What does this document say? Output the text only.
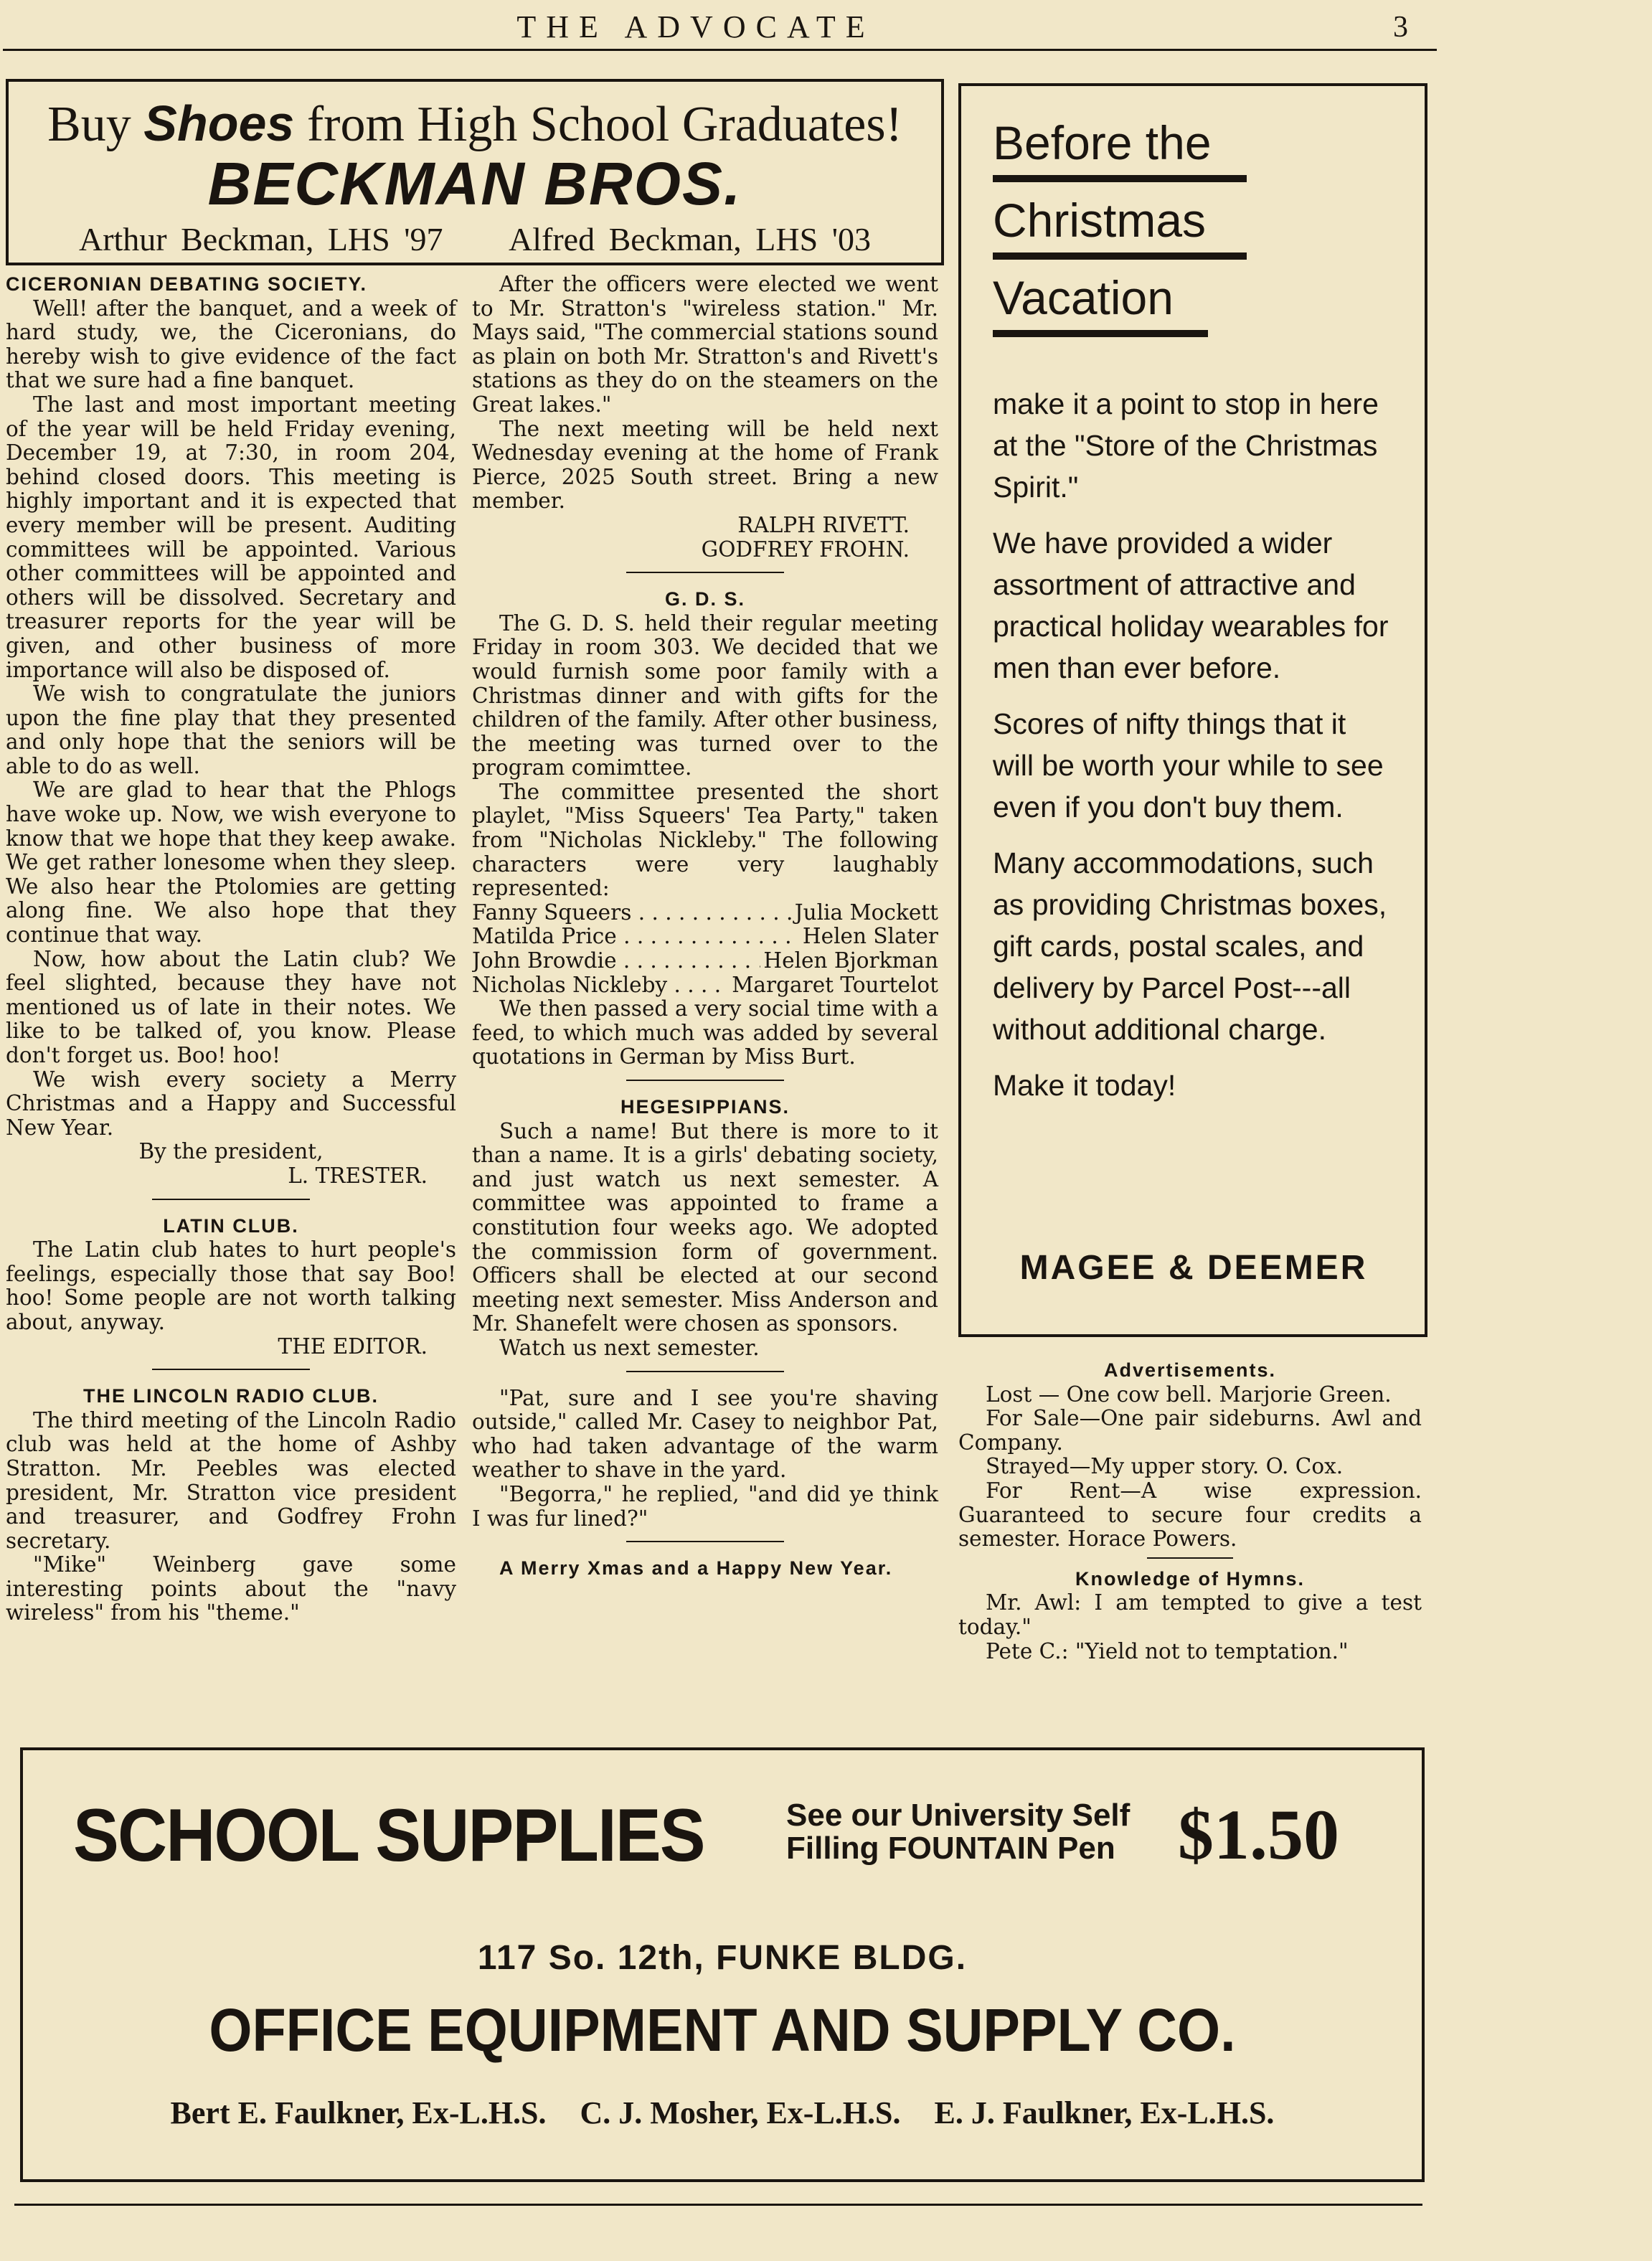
THE ADVOCATE	3
Buy Shoes from High School Graduates!
BECKMAN BROS.
Arthur Beckman, LHS '97 Alfred Beckman, LHS '03

CICERONIAN DEBATING SOCIETY.

Well! after the banquet, and a week of hard study, we, the Ciceronians, do hereby wish to give evidence of the fact that we sure had a fine banquet.

The last and most important meeting of the year will be held Friday evening, December 19, at 7:30, in room 204, behind closed doors. This meeting is highly important and it is expected that every member will be present. Auditing committees will be appointed. Various other committees will be appointed and others will be dissolved. Secretary and treasurer reports for the year will be given, and other business of more importance will also be disposed of.

We wish to congratulate the juniors upon the fine play that they presented and only hope that the seniors will be able to do as well.

We are glad to hear that the Phlogs have woke up. Now, we wish everyone to know that we hope that they keep awake. We get rather lonesome when they sleep. We also hear the Ptolomies are getting along fine. We also hope that they continue that way.

Now, how about the Latin club? We feel slighted, because they have not mentioned us of late in their notes. We like to be talked of, you know. Please don't forget us. Boo! hoo!

We wish every society a Merry Christmas and a Happy and Successful New Year.

By the president,

L. TRESTER.

LATIN CLUB.

The Latin club hates to hurt people's feelings, especially those that say Boo! hoo! Some people are not worth talking about, anyway.

THE EDITOR.

THE LINCOLN RADIO CLUB.

The third meeting of the Lincoln Radio club was held at the home of Ashby Stratton. Mr. Peebles was elected president, Mr. Stratton vice president and treasurer, and Godfrey Frohn secretary.

"Mike" Weinberg gave some interesting points about the "navy wireless" from his "theme."

After the officers were elected we went to Mr. Stratton's "wireless station." Mr. Mays said, "The commercial stations sound as plain on both Mr. Stratton's and Rivett's stations as they do on the steamers on the Great lakes."

The next meeting will be held next Wednesday evening at the home of Frank Pierce, 2025 South street. Bring a new member.

RALPH RIVETT.

GODFREY FROHN.

G. D. S.

The G. D. S. held their regular meeting Friday in room 303. We decided that we would furnish some poor family with a Christmas dinner and with gifts for the children of the family. After other business, the meeting was turned over to the program comimttee.

The committee presented the short playlet, "Miss Squeers' Tea Party," taken from "Nicholas Nickleby." The following characters were very laughably represented:

Fanny Squeers . . .	Julia Mockett

Matilda Price . . .	Helen Slater

John Browdie . . .	Helen Bjorkman

Nicholas Nickleby . . .	Margaret Tourtelot

We then passed a very social time with a feed, to which much was added by several quotations in German by Miss Burt.

HEGESIPPIANS.

Such a name! But there is more to it than a name. It is a girls' debating society, and just watch us next semester. A committee was appointed to frame a constitution four weeks ago. We adopted the commission form of government. Officers shall be elected at our second meeting next semester. Miss Anderson and Mr. Shanefelt were chosen as sponsors.

Watch us next semester.

"Pat, sure and I see you're shaving outside," called Mr. Casey to neighbor Pat, who had taken advantage of the warm weather to shave in the yard.

"Begorra," he replied, "and did ye think I was fur lined?"

A Merry Xmas and a Happy New Year.

Before the
Christmas
Vacation

make it a point to stop in here at the "Store of the Christmas Spirit."

We have provided a wider assortment of attractive and practical holiday wearables for men than ever before.

Scores of nifty things that it will be worth your while to see even if you don't buy them.

Many accommodations, such as providing Christmas boxes, gift cards, postal scales, and delivery by Parcel Post---all without additional charge.

Make it today!

MAGEE & DEEMER

Advertisements.

Lost — One cow bell. Marjorie Green.

For Sale—One pair sideburns. Awl and Company.

Strayed—My upper story. O. Cox.

For Rent—A wise expression. Guaranteed to secure four credits a semester. Horace Powers.

Knowledge of Hymns.

Mr. Awl: I am tempted to give a test today."

Pete C.: "Yield not to temptation."

SCHOOL SUPPLIES	See our University Self
Filling FOUNTAIN Pen $1.50
117 So. 12th, FUNKE BLDG.
OFFICE EQUIPMENT AND SUPPLY CO.
Bert E. Faulkner, Ex-L.H.S. C. J. Mosher, Ex-L.H.S. E. J. Faulkner, Ex-L.H.S.
